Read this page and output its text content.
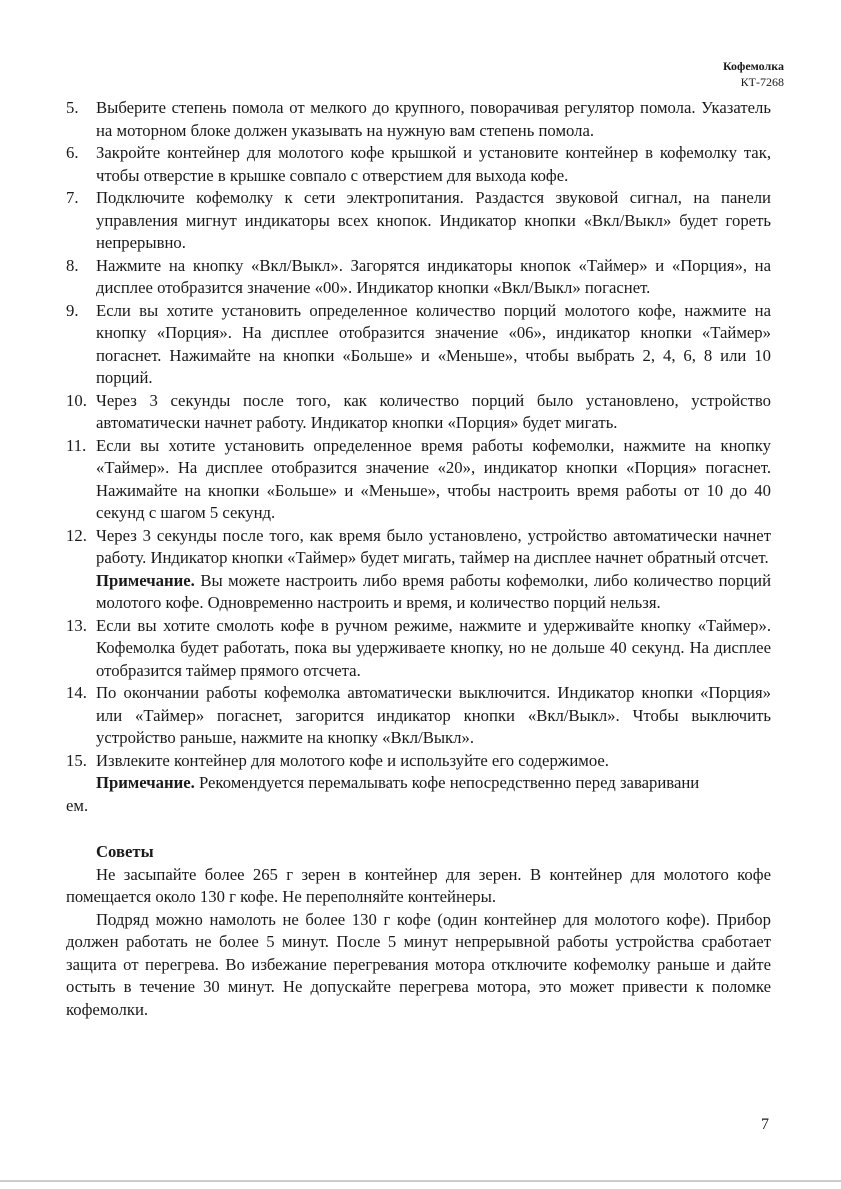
Кофемолка
КТ-7268
5. Выберите степень помола от мелкого до крупного, поворачивая регулятор помола. Указатель на моторном блоке должен указывать на нужную вам степень помола.
6. Закройте контейнер для молотого кофе крышкой и установите контейнер в кофемолку так, чтобы отверстие в крышке совпало с отверстием для выхода кофе.
7. Подключите кофемолку к сети электропитания. Раздастся звуковой сигнал, на панели управления мигнут индикаторы всех кнопок. Индикатор кнопки «Вкл/Выкл» будет гореть непрерывно.
8. Нажмите на кнопку «Вкл/Выкл». Загорятся индикаторы кнопок «Таймер» и «Порция», на дисплее отобразится значение «00». Индикатор кнопки «Вкл/Выкл» погаснет.
9. Если вы хотите установить определенное количество порций молотого кофе, нажмите на кнопку «Порция». На дисплее отобразится значение «06», индикатор кнопки «Таймер» погаснет. Нажимайте на кнопки «Больше» и «Меньше», чтобы выбрать 2, 4, 6, 8 или 10 порций.
10. Через 3 секунды после того, как количество порций было установлено, устройство автоматически начнет работу. Индикатор кнопки «Порция» будет мигать.
11. Если вы хотите установить определенное время работы кофемолки, нажмите на кнопку «Таймер». На дисплее отобразится значение «20», индикатор кнопки «Порция» погаснет. Нажимайте на кнопки «Больше» и «Меньше», чтобы настроить время работы от 10 до 40 секунд с шагом 5 секунд.
12. Через 3 секунды после того, как время было установлено, устройство автоматически начнет работу. Индикатор кнопки «Таймер» будет мигать, таймер на дисплее начнет обратный отсчет.

Примечание. Вы можете настроить либо время работы кофемолки, либо количество порций молотого кофе. Одновременно настроить и время, и количество порций нельзя.

13. Если вы хотите смолоть кофе в ручном режиме, нажмите и удерживайте кнопку «Таймер». Кофемолка будет работать, пока вы удерживаете кнопку, но не дольше 40 секунд. На дисплее отобразится таймер прямого отсчета.
14. По окончании работы кофемолка автоматически выключится. Индикатор кнопки «Порция» или «Таймер» погаснет, загорится индикатор кнопки «Вкл/Выкл». Чтобы выключить устройство раньше, нажмите на кнопку «Вкл/Выкл».
15. Извлеките контейнер для молотого кофе и используйте его содержимое.

Примечание. Рекомендуется перемалывать кофе непосредственно перед заваривани

ем.

Советы

Не засыпайте более 265 г зерен в контейнер для зерен. В контейнер для молотого кофе помещается около 130 г кофе. Не переполняйте контейнеры.

Подряд можно намолоть не более 130 г кофе (один контейнер для молотого кофе). Прибор должен работать не более 5 минут. После 5 минут непрерывной работы устройства сработает защита от перегрева. Во избежание перегревания мотора отключите кофемолку раньше и дайте остыть в течение 30 минут. Не допускайте перегрева мотора, это может привести к поломке кофемолки.

7
